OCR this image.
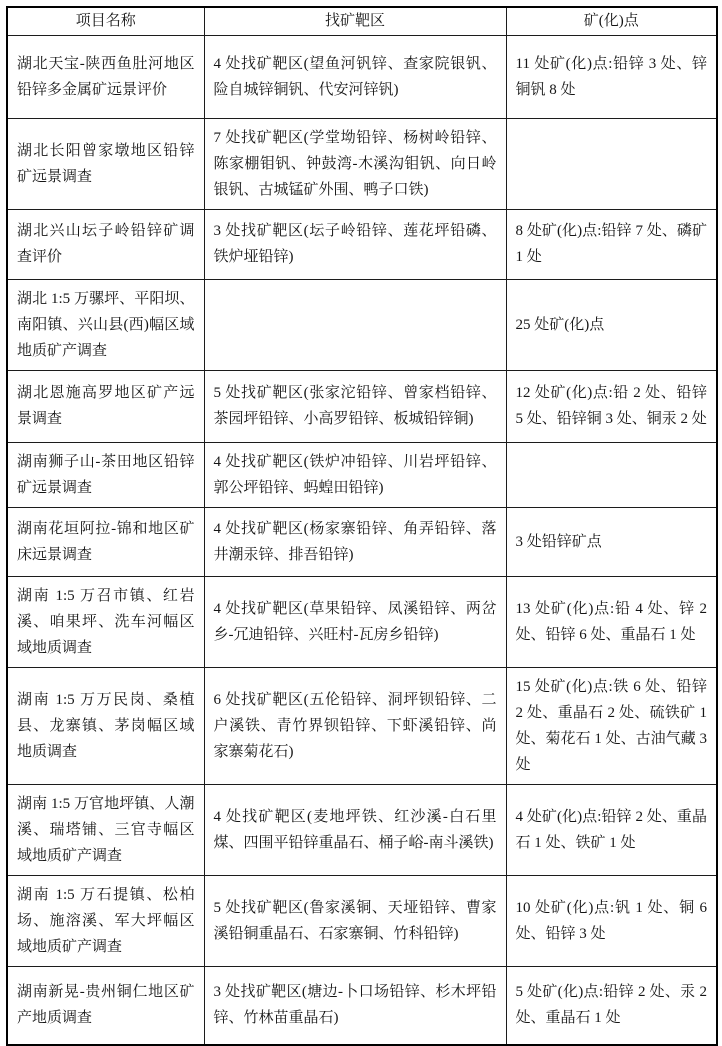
项目名称	找矿靶区	矿(化)点
湖北天宝-陕西鱼肚河地区铅锌多金属矿远景评价	4 处找矿靶区(望鱼河钒锌、查家院银钒、险自城锌铜钒、代安河锌钒)	11 处矿(化)点:铅锌 3 处、锌铜钒 8 处
湖北长阳曾家墩地区铅锌矿远景调查	7 处找矿靶区(学堂坳铅锌、杨树岭铅锌、陈家棚钼钒、钟鼓湾-木溪沟钼钒、向日岭银钒、古城锰矿外围、鸭子口铁)	
湖北兴山坛子岭铅锌矿调查评价	3 处找矿靶区(坛子岭铅锌、莲花坪铅磷、铁炉垭铅锌)	8 处矿(化)点:铅锌 7 处、磷矿 1 处
湖北 1:5 万骡坪、平阳坝、南阳镇、兴山县(西)幅区域地质矿产调查		25 处矿(化)点
湖北恩施高罗地区矿产远景调查	5 处找矿靶区(张家沱铅锌、曾家档铅锌、茶园坪铅锌、小高罗铅锌、板城铅锌铜)	12 处矿(化)点:铅 2 处、铅锌 5 处、铅锌铜 3 处、铜汞 2 处
湖南狮子山-茶田地区铅锌矿远景调查	4 处找矿靶区(铁炉冲铅锌、川岩坪铅锌、郭公坪铅锌、蚂蝗田铅锌)	
湖南花垣阿拉-锦和地区矿床远景调查	4 处找矿靶区(杨家寨铅锌、角弄铅锌、落井潮汞锌、排吾铅锌)	3 处铅锌矿点
湖南 1:5 万召市镇、红岩溪、咱果坪、洗车河幅区域地质调查	4 处找矿靶区(草果铅锌、凤溪铅锌、两岔乡-冗迪铅锌、兴旺村-瓦房乡铅锌)	13 处矿(化)点:铅 4 处、锌 2 处、铅锌 6 处、重晶石 1 处
湖南 1:5 万万民岗、桑植县、龙寨镇、茅岗幅区域地质调查	6 处找矿靶区(五伦铅锌、洞坪钡铅锌、二户溪铁、青竹界钡铅锌、下虾溪铅锌、尚家寨菊花石)	15 处矿(化)点:铁 6 处、铅锌 2 处、重晶石 2 处、硫铁矿 1 处、菊花石 1 处、古油气藏 3 处
湖南 1:5 万官地坪镇、人潮溪、瑞塔铺、三官寺幅区域地质矿产调查	4 处找矿靶区(麦地坪铁、红沙溪-白石里煤、四围平铅锌重晶石、桶子峪-南斗溪铁)	4 处矿(化)点:铅锌 2 处、重晶石 1 处、铁矿 1 处
湖南 1:5 万石提镇、松柏场、施溶溪、军大坪幅区域地质矿产调查	5 处找矿靶区(鲁家溪铜、天垭铅锌、曹家溪铅铜重晶石、石家寨铜、竹科铅锌)	10 处矿(化)点:钒 1 处、铜 6 处、铅锌 3 处
湖南新晃-贵州铜仁地区矿产地质调查	3 处找矿靶区(塘边-卜口场铅锌、杉木坪铅锌、竹林苗重晶石)	5 处矿(化)点:铅锌 2 处、汞 2 处、重晶石 1 处
